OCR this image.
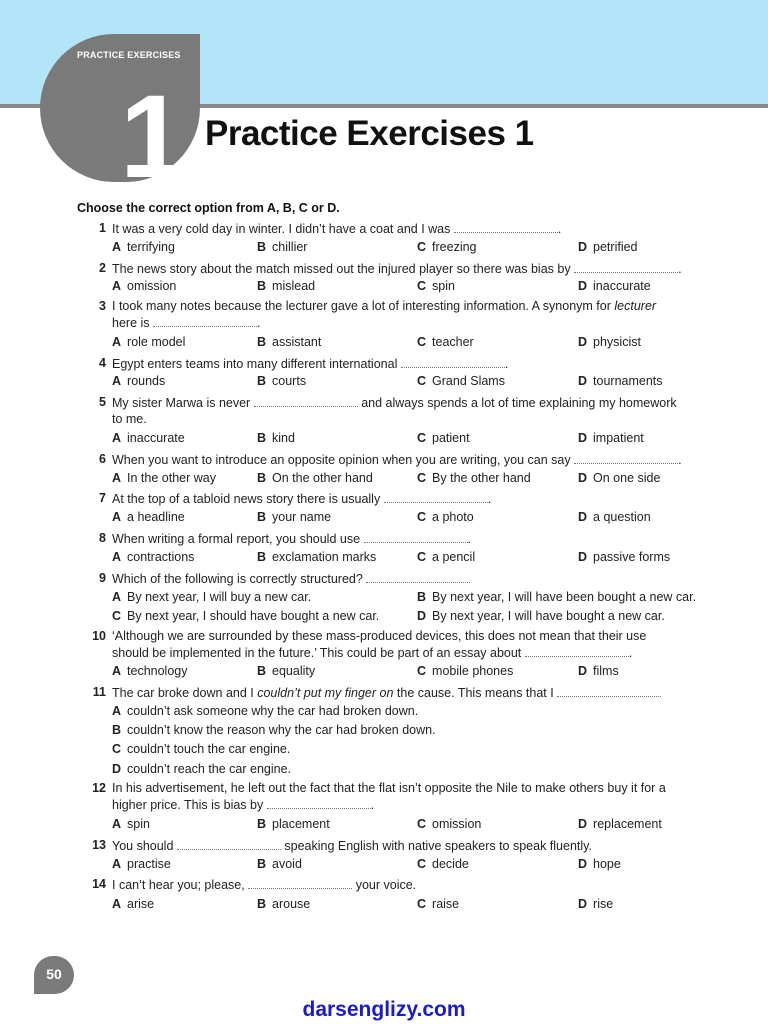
1
PRACTICE EXERCISES
Practice Exercises 1
Choose the correct option from A, B, C or D.
1 It was a very cold day in winter. I didn’t have a coat and I was	.
A terrifying	B chillier	C freezing	D petrified
2 The news story about the match missed out the injured player so there was bias by	.
A omission	B mislead	C spin	D inaccurate
3 I took many notes because the lecturer gave a lot of interesting information. A synonym for lecturer
here is	.
A role model	B assistant	C teacher	D physicist
4 Egypt enters teams into many different international	.
A rounds	B courts	C Grand Slams	D tournaments
5 My sister Marwa is never	and always spends a lot of time explaining my homework
to me.
A inaccurate	B kind	C patient	D impatient
6 When you want to introduce an opposite opinion when you are writing, you can say	.
A In the other way	B On the other hand	C By the other hand	D On one side
7 At the top of a tabloid news story there is usually	.
A a headline	B your name	C a photo	D a question
8 When writing a formal report, you should use	.
A contractions	B exclamation marks	C a pencil	D passive forms
9 Which of the following is correctly structured?
A By next year, I will buy a new car.	B By next year, I will have been bought a new car.
C By next year, I should have bought a new car.	D By next year, I will have bought a new car.
10 ‘Although we are surrounded by these mass-produced devices, this does not mean that their use
should be implemented in the future.’ This could be part of an essay about	.
A technology	B equality	C mobile phones	D films
11 The car broke down and I couldn’t put my finger on the cause. This means that I
A couldn’t ask someone why the car had broken down.
B couldn’t know the reason why the car had broken down.
C couldn’t touch the car engine.
D couldn’t reach the car engine.
12 In his advertisement, he left out the fact that the flat isn’t opposite the Nile to make others buy it for a
higher price. This is bias by	.
A spin	B placement	C omission	D replacement
13 You should	speaking English with native speakers to speak fluently.
A practise	B avoid	C decide	D hope
14 I can’t hear you; please,	your voice.
A arise	B arouse	C raise	D rise
50
darsenglizy.com
